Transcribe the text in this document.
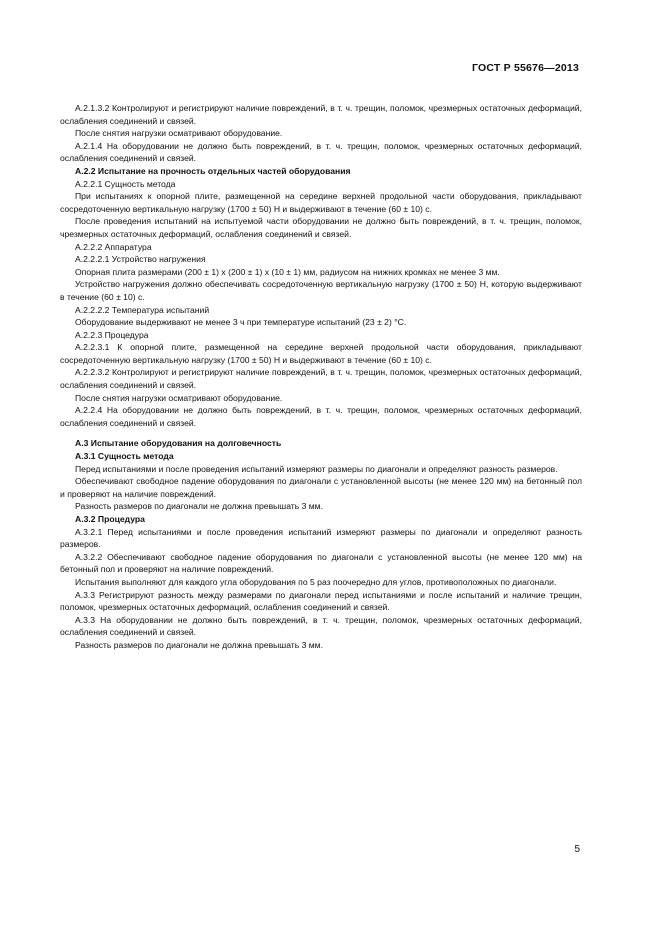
ГОСТ Р 55676—2013

А.2.1.3.2 Контролируют и регистрируют наличие повреждений, в т. ч. трещин, поломок, чрезмерных остаточных деформаций, ослабления соединений и связей.

После снятия нагрузки осматривают оборудование.

А.2.1.4 На оборудовании не должно быть повреждений, в т. ч. трещин, поломок, чрезмерных остаточных деформаций, ослабления соединений и связей.

А.2.2 Испытание на прочность отдельных частей оборудования

А.2.2.1 Сущность метода

При испытаниях к опорной плите, размещенной на середине верхней продольной части оборудования, прикладывают сосредоточенную вертикальную нагрузку (1700 ± 50) Н и выдерживают в течение (60 ± 10) с.

После проведения испытаний на испытуемой части оборудовании не должно быть повреждений, в т. ч. трещин, поломок, чрезмерных остаточных деформаций, ослабления соединений и связей.

А.2.2.2 Аппаратура

А.2.2.2.1 Устройство нагружения

Опорная плита размерами (200 ± 1) х (200 ± 1) х (10 ± 1) мм, радиусом на нижних кромках не менее 3 мм.

Устройство нагружения должно обеспечивать сосредоточенную вертикальную нагрузку (1700 ± 50) Н, которую выдерживают в течение (60 ± 10) с.

А.2.2.2.2 Температура испытаний

Оборудование выдерживают не менее 3 ч при температуре испытаний (23 ± 2) °С.

А.2.2.3 Процедура

А.2.2.3.1 К опорной плите, размещенной на середине верхней продольной части оборудования, прикладывают сосредоточенную вертикальную нагрузку (1700 ± 50) Н и выдерживают в течение (60 ± 10) с.

А.2.2.3.2 Контролируют и регистрируют наличие повреждений, в т. ч. трещин, поломок, чрезмерных остаточных деформаций, ослабления соединений и связей.

После снятия нагрузки осматривают оборудование.

А.2.2.4 На оборудовании не должно быть повреждений, в т. ч. трещин, поломок, чрезмерных остаточных деформаций, ослабления соединений и связей.

А.3 Испытание оборудования на долговечность

А.3.1 Сущность метода

Перед испытаниями и после проведения испытаний измеряют размеры по диагонали и определяют разность размеров.

Обеспечивают свободное падение оборудования по диагонали с установленной высоты (не менее 120 мм) на бетонный пол и проверяют на наличие повреждений.

Разность размеров по диагонали не должна превышать 3 мм.

А.3.2 Процедура

А.3.2.1 Перед испытаниями и после проведения испытаний измеряют размеры по диагонали и определяют разность размеров.

А.3.2.2 Обеспечивают свободное падение оборудования по диагонали с установленной высоты (не менее 120 мм) на бетонный пол и проверяют на наличие повреждений.

Испытания выполняют для каждого угла оборудования по 5 раз поочередно для углов, противоположных по диагонали.

А.3.3 Регистрируют разность между размерами по диагонали перед испытаниями и после испытаний и наличие трещин, поломок, чрезмерных остаточных деформаций, ослабления соединений и связей.

А.3.3 На оборудовании не должно быть повреждений, в т. ч. трещин, поломок, чрезмерных остаточных деформаций, ослабления соединений и связей.

Разность размеров по диагонали не должна превышать 3 мм.

5
